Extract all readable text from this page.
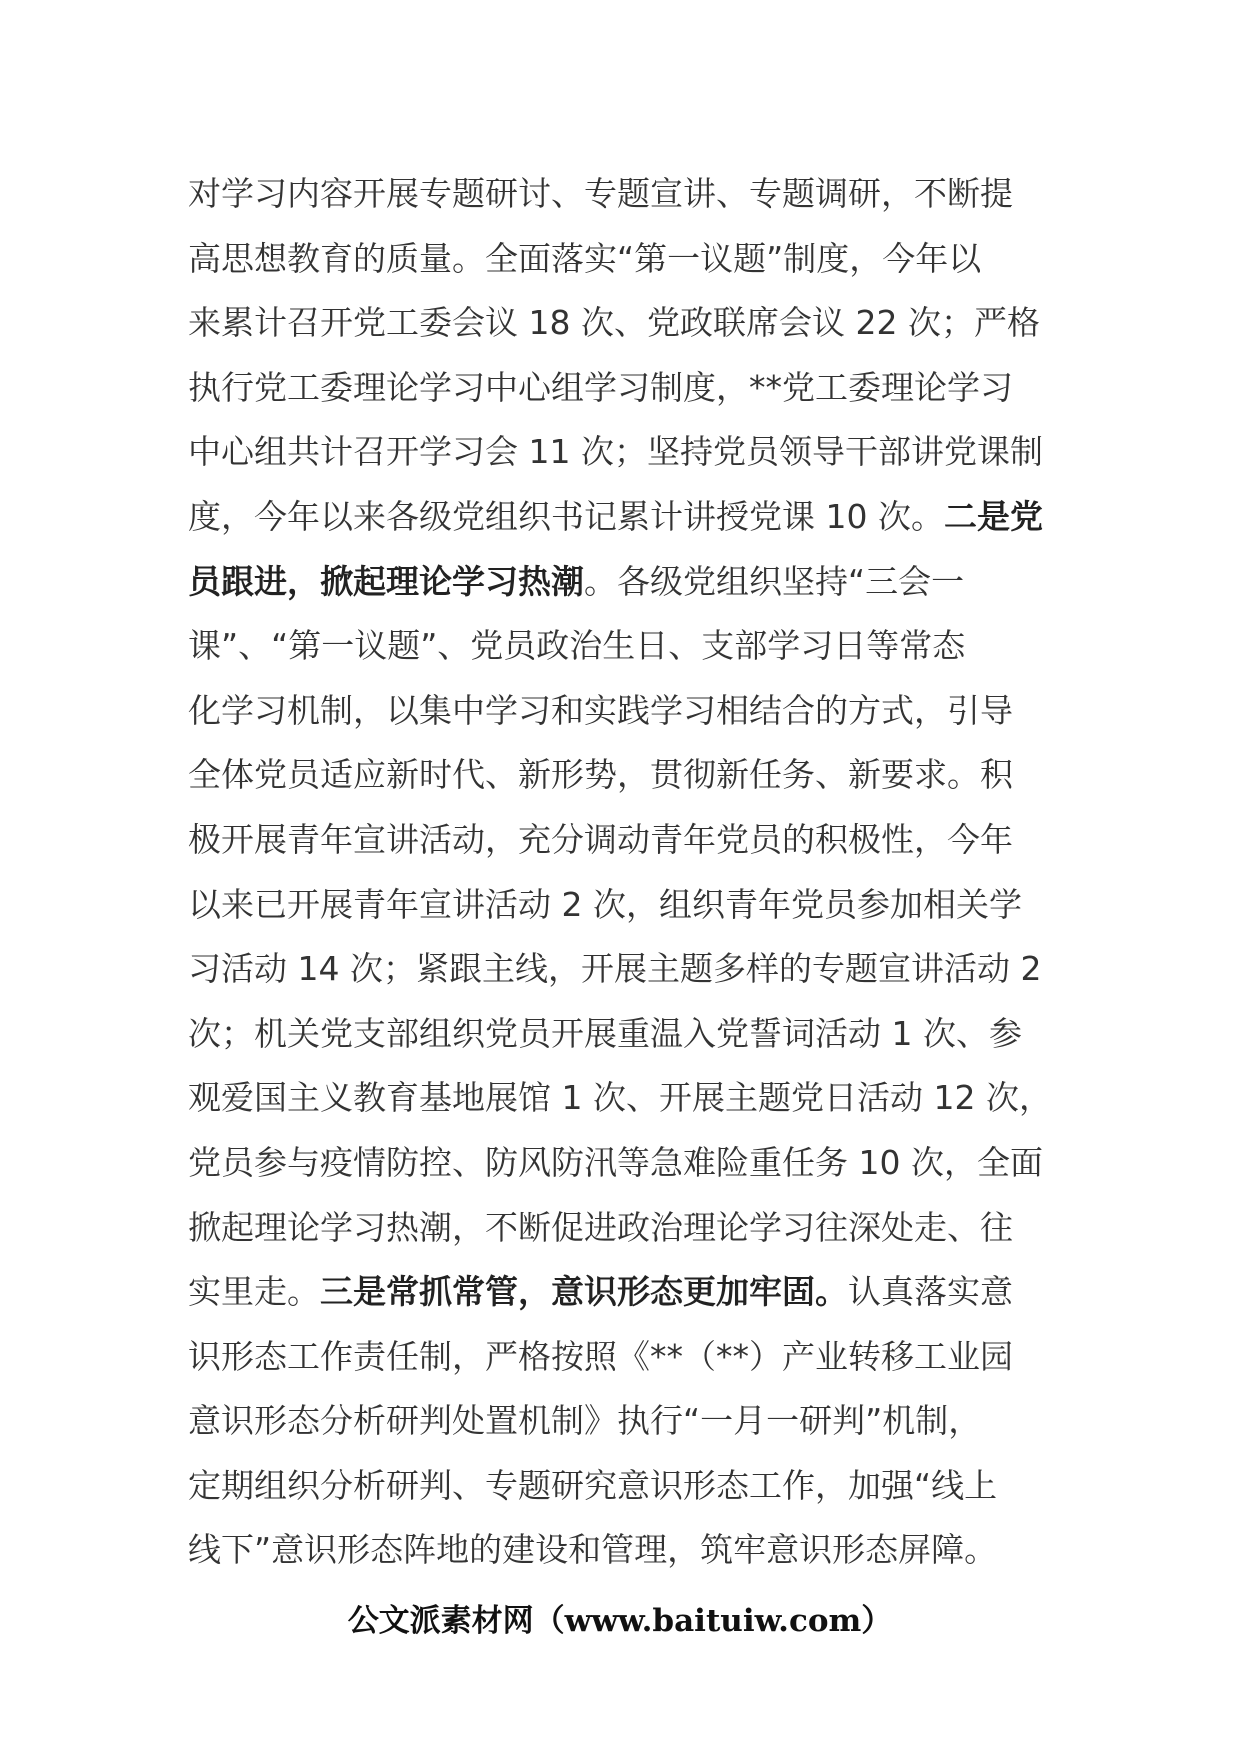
对学习内容开展专题研讨、专题宣讲、专题调研，不断提
高思想教育的质量。全面落实“第一议题”制度，今年以
来累计召开党工委会议 18 次、党政联席会议 22 次；严格
执行党工委理论学习中心组学习制度，**党工委理论学习
中心组共计召开学习会 11 次；坚持党员领导干部讲党课制
度，今年以来各级党组织书记累计讲授党课 10 次。二是党
员跟进，掀起理论学习热潮。各级党组织坚持“三会一
课”、“第一议题”、党员政治生日、支部学习日等常态
化学习机制，以集中学习和实践学习相结合的方式，引导
全体党员适应新时代、新形势，贯彻新任务、新要求。积
极开展青年宣讲活动，充分调动青年党员的积极性，今年
以来已开展青年宣讲活动 2 次，组织青年党员参加相关学
习活动 14 次；紧跟主线，开展主题多样的专题宣讲活动 2
次；机关党支部组织党员开展重温入党誓词活动 1 次、参
观爱国主义教育基地展馆 1 次、开展主题党日活动 12 次，
党员参与疫情防控、防风防汛等急难险重任务 10 次，全面
掀起理论学习热潮，不断促进政治理论学习往深处走、往
实里走。三是常抓常管，意识形态更加牢固。认真落实意
识形态工作责任制，严格按照《**（**）产业转移工业园
意识形态分析研判处置机制》执行“一月一研判”机制，
定期组织分析研判、专题研究意识形态工作，加强“线上
线下”意识形态阵地的建设和管理，筑牢意识形态屏障。
公文派素材网（www.baituiw.com）
